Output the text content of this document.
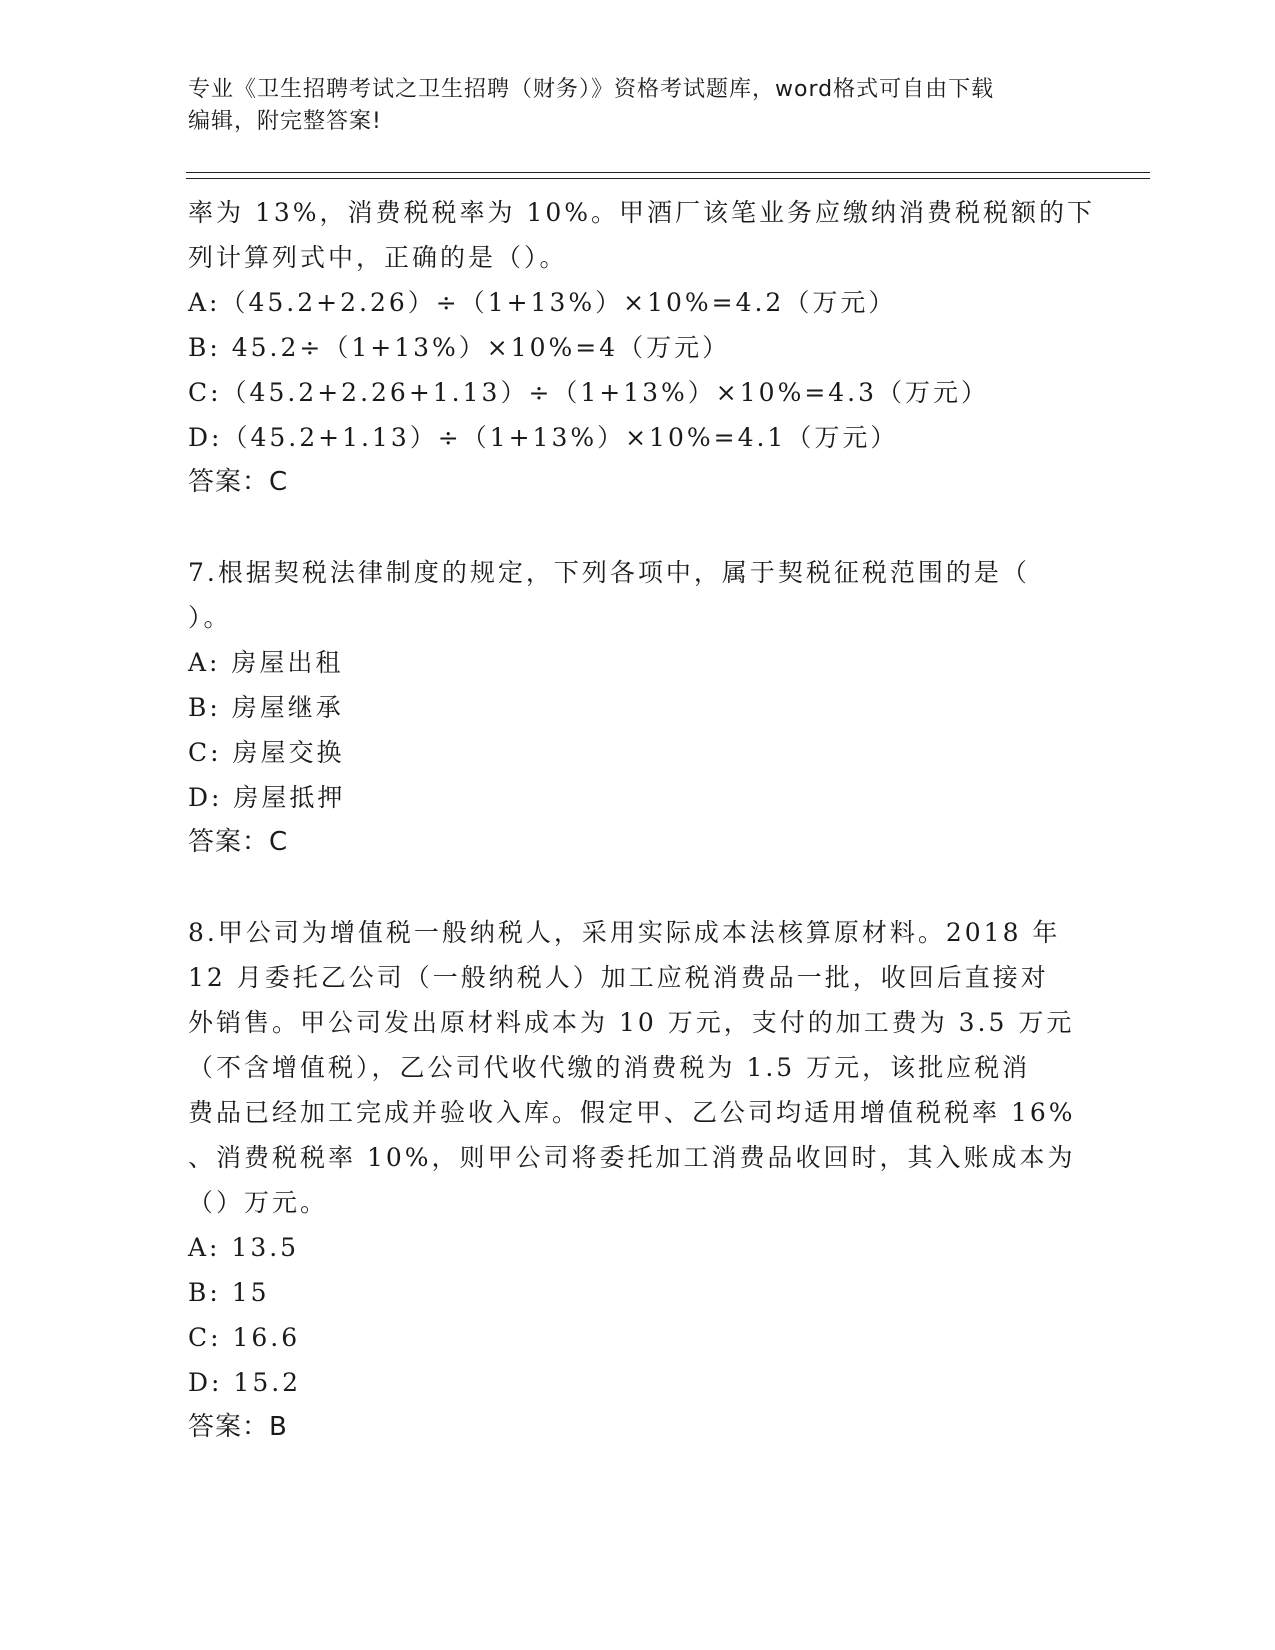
专业《卫生招聘考试之卫生招聘（财务）》资格考试题库，word格式可自由下载
编辑，附完整答案!
率为 13%，消费税税率为 10%。甲酒厂该笔业务应缴纳消费税税额的下
列计算列式中，正确的是（）。
A:（45.2+2.26）÷（1+13%）×10%=4.2（万元）
B: 45.2÷（1+13%）×10%=4（万元）
C:（45.2+2.26+1.13）÷（1+13%）×10%=4.3（万元）
D:（45.2+1.13）÷（1+13%）×10%=4.1（万元）
答案：C
7.根据契税法律制度的规定，下列各项中，属于契税征税范围的是（
）。
A: 房屋出租
B: 房屋继承
C: 房屋交换
D: 房屋抵押
答案：C
8.甲公司为增值税一般纳税人，采用实际成本法核算原材料。2018 年
12 月委托乙公司（一般纳税人）加工应税消费品一批，收回后直接对
外销售。甲公司发出原材料成本为 10 万元，支付的加工费为 3.5 万元
（不含增值税），乙公司代收代缴的消费税为 1.5 万元，该批应税消
费品已经加工完成并验收入库。假定甲、乙公司均适用增值税税率 16%
、消费税税率 10%，则甲公司将委托加工消费品收回时，其入账成本为
（）万元。
A: 13.5
B: 15
C: 16.6
D: 15.2
答案：B
